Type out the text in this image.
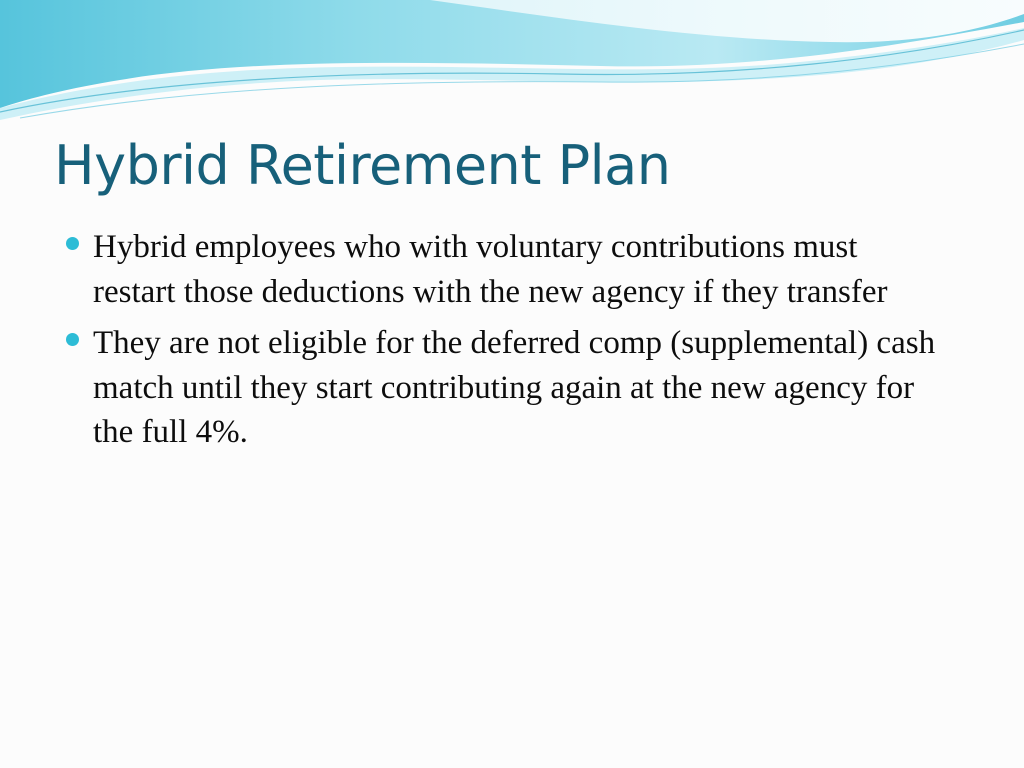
Hybrid Retirement Plan
Hybrid employees who with voluntary contributions must restart those deductions with the new agency if they transfer
They are not eligible for the deferred comp (supplemental) cash match until they start contributing again at the new agency for the full 4%.
